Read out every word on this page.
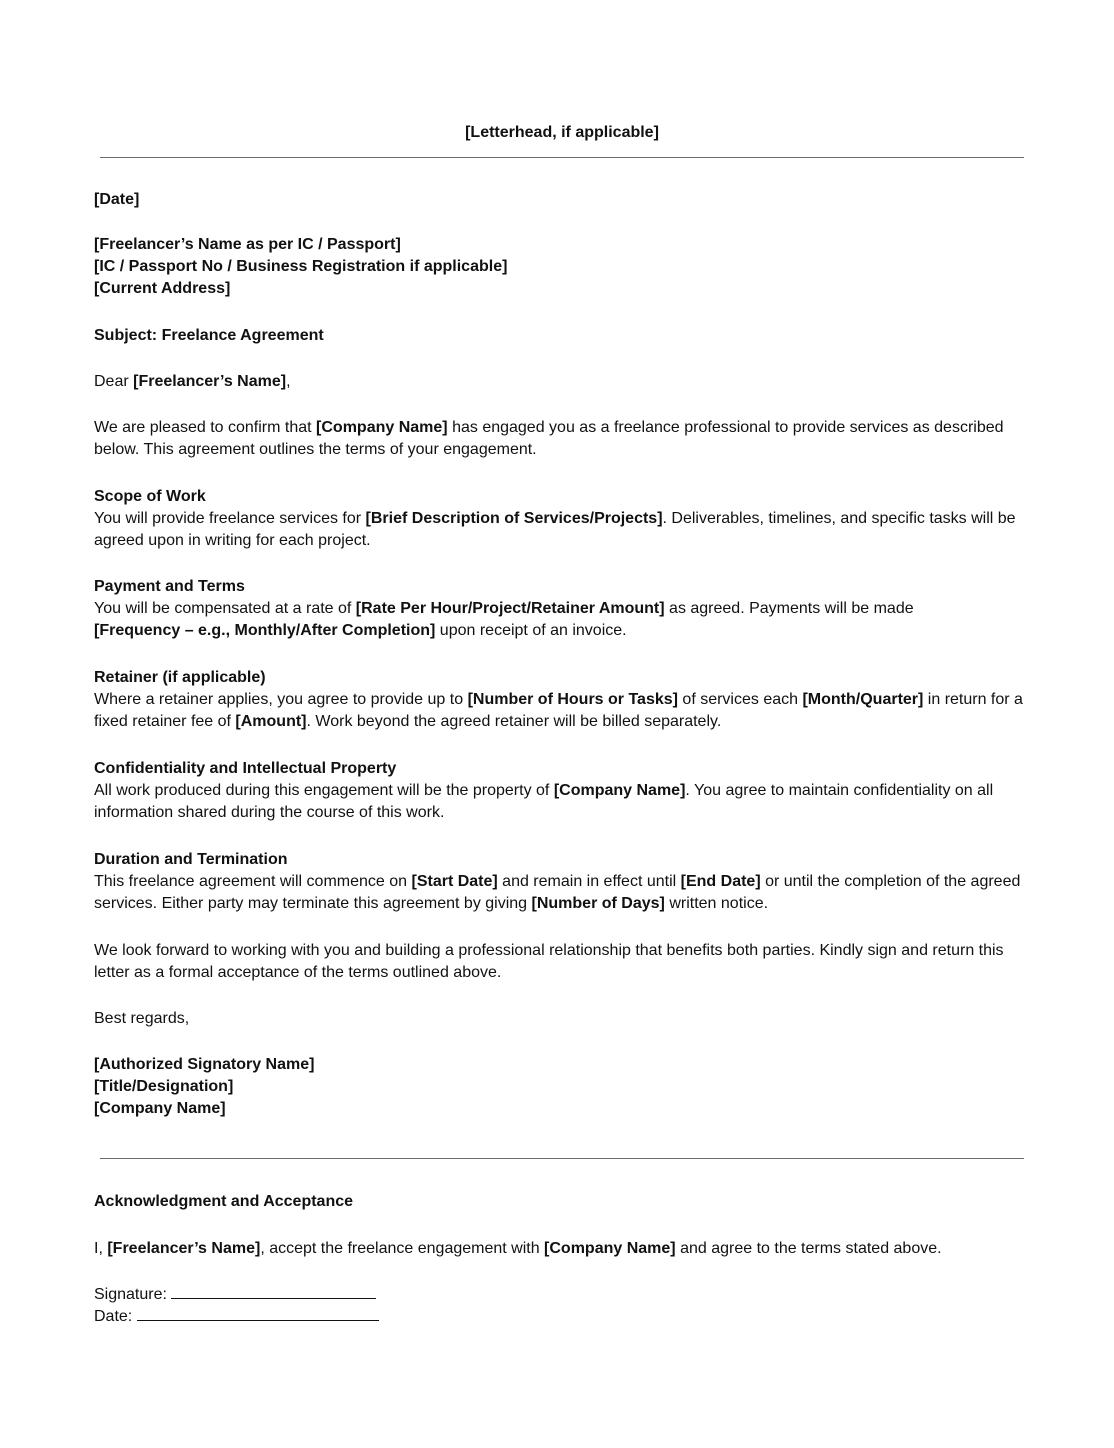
[Letterhead, if applicable]
[Date]
[Freelancer’s Name as per IC / Passport]
[IC / Passport No / Business Registration if applicable]
[Current Address]
Subject: Freelance Agreement
Dear [Freelancer’s Name],
We are pleased to confirm that [Company Name] has engaged you as a freelance professional to provide services as described below. This agreement outlines the terms of your engagement.
Scope of Work
You will provide freelance services for [Brief Description of Services/Projects]. Deliverables, timelines, and specific tasks will be agreed upon in writing for each project.
Payment and Terms
You will be compensated at a rate of [Rate Per Hour/Project/Retainer Amount] as agreed. Payments will be made
[Frequency – e.g., Monthly/After Completion] upon receipt of an invoice.
Retainer (if applicable)
Where a retainer applies, you agree to provide up to [Number of Hours or Tasks] of services each [Month/Quarter] in return for a fixed retainer fee of [Amount]. Work beyond the agreed retainer will be billed separately.
Confidentiality and Intellectual Property
All work produced during this engagement will be the property of [Company Name]. You agree to maintain confidentiality on all information shared during the course of this work.
Duration and Termination
This freelance agreement will commence on [Start Date] and remain in effect until [End Date] or until the completion of the agreed services. Either party may terminate this agreement by giving [Number of Days] written notice.
We look forward to working with you and building a professional relationship that benefits both parties. Kindly sign and return this letter as a formal acceptance of the terms outlined above.
Best regards,
[Authorized Signatory Name]
[Title/Designation]
[Company Name]
Acknowledgment and Acceptance
I, [Freelancer’s Name], accept the freelance engagement with [Company Name] and agree to the terms stated above.
Signature:
Date:
